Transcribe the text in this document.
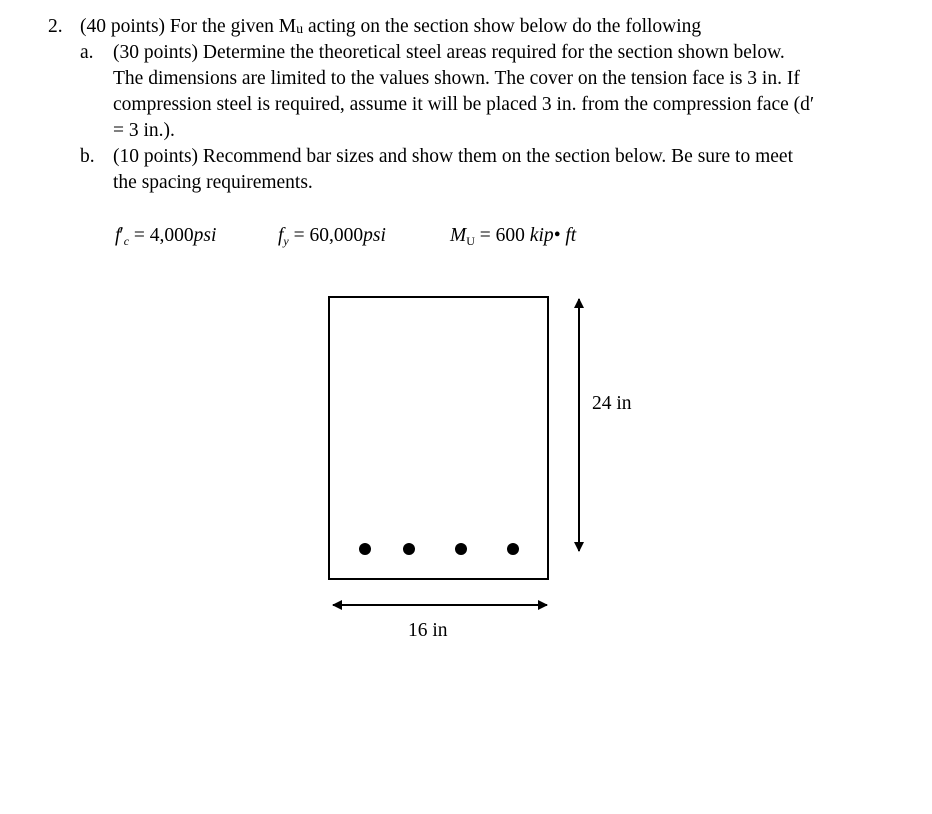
2. (40 points) For the given Mu acting on the section show below do the following
a. (30 points) Determine the theoretical steel areas required for the section shown below.
The dimensions are limited to the values shown. The cover on the tension face is 3 in. If
compression steel is required, assume it will be placed 3 in. from the compression face (d′
= 3 in.).
b. (10 points) Recommend bar sizes and show them on the section below. Be sure to meet
the spacing requirements.
$f'_c = 4,000psi$	$f_y = 60,000psi$	$M_U = 600$ kip• ft
24 in
16 in
